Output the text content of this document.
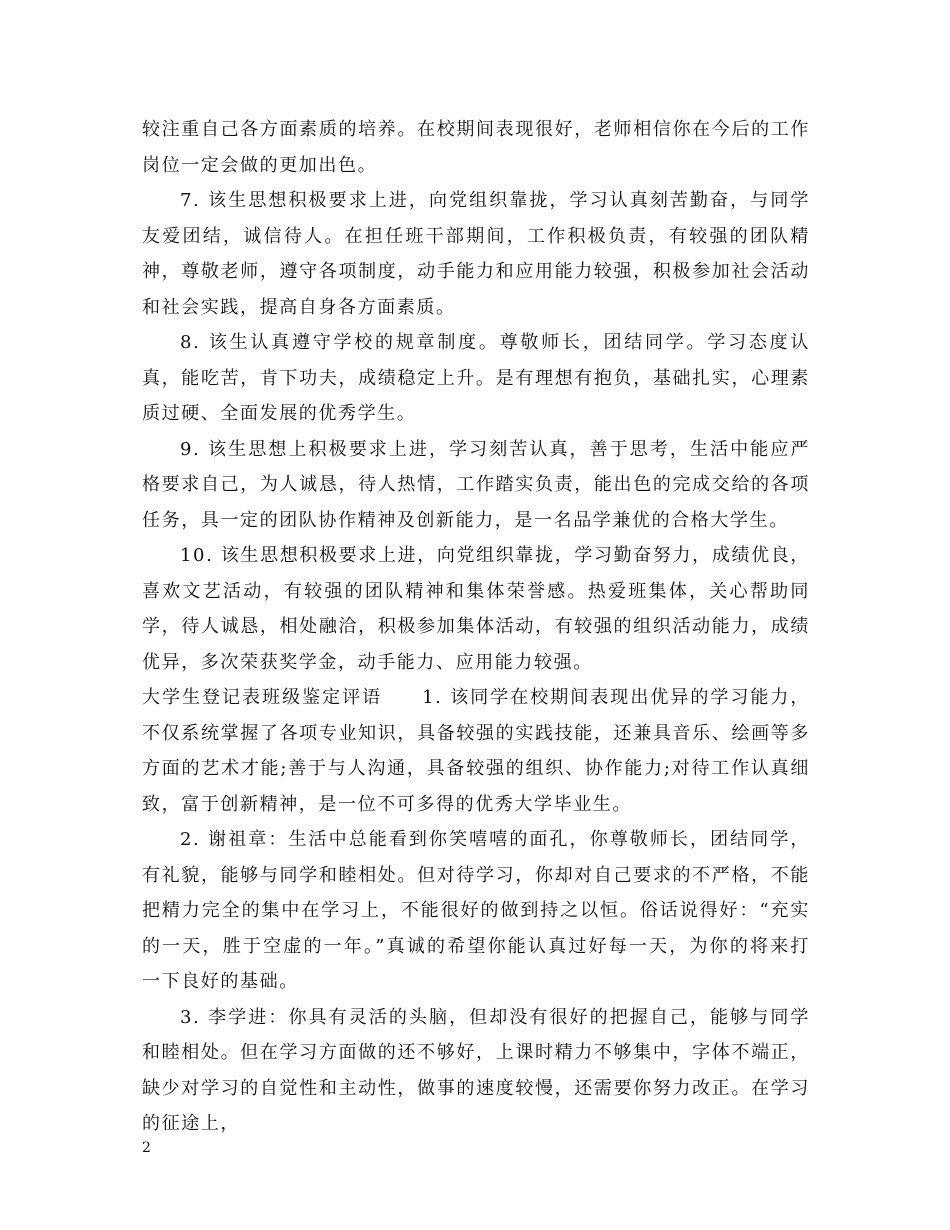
较注重自己各方面素质的培养。在校期间表现很好，老师相信你在今后的工作岗位一定会做的更加出色。

7. 该生思想积极要求上进，向党组织靠拢，学习认真刻苦勤奋，与同学友爱团结，诚信待人。在担任班干部期间，工作积极负责，有较强的团队精神，尊敬老师，遵守各项制度，动手能力和应用能力较强，积极参加社会活动和社会实践，提高自身各方面素质。

8. 该生认真遵守学校的规章制度。尊敬师长，团结同学。学习态度认真，能吃苦，肯下功夫，成绩稳定上升。是有理想有抱负，基础扎实，心理素质过硬、全面发展的优秀学生。

9. 该生思想上积极要求上进，学习刻苦认真，善于思考，生活中能应严格要求自己，为人诚恳，待人热情，工作踏实负责，能出色的完成交给的各项任务，具一定的团队协作精神及创新能力，是一名品学兼优的合格大学生。

10. 该生思想积极要求上进，向党组织靠拢，学习勤奋努力，成绩优良，喜欢文艺活动，有较强的团队精神和集体荣誉感。热爱班集体，关心帮助同学，待人诚恳，相处融洽，积极参加集体活动，有较强的组织活动能力，成绩优异，多次荣获奖学金，动手能力、应用能力较强。

大学生登记表班级鉴定评语　　1. 该同学在校期间表现出优异的学习能力，不仅系统掌握了各项专业知识，具备较强的实践技能，还兼具音乐、绘画等多方面的艺术才能;善于与人沟通，具备较强的组织、协作能力;对待工作认真细致，富于创新精神，是一位不可多得的优秀大学毕业生。

2. 谢祖章：生活中总能看到你笑嘻嘻的面孔，你尊敬师长，团结同学，有礼貌，能够与同学和睦相处。但对待学习，你却对自己要求的不严格，不能把精力完全的集中在学习上，不能很好的做到持之以恒。俗话说得好：“充实的一天，胜于空虚的一年。”真诚的希望你能认真过好每一天，为你的将来打一下良好的基础。

3. 李学进：你具有灵活的头脑，但却没有很好的把握自己，能够与同学和睦相处。但在学习方面做的还不够好，上课时精力不够集中，字体不端正，缺少对学习的自觉性和主动性，做事的速度较慢，还需要你努力改正。在学习的征途上，

2
